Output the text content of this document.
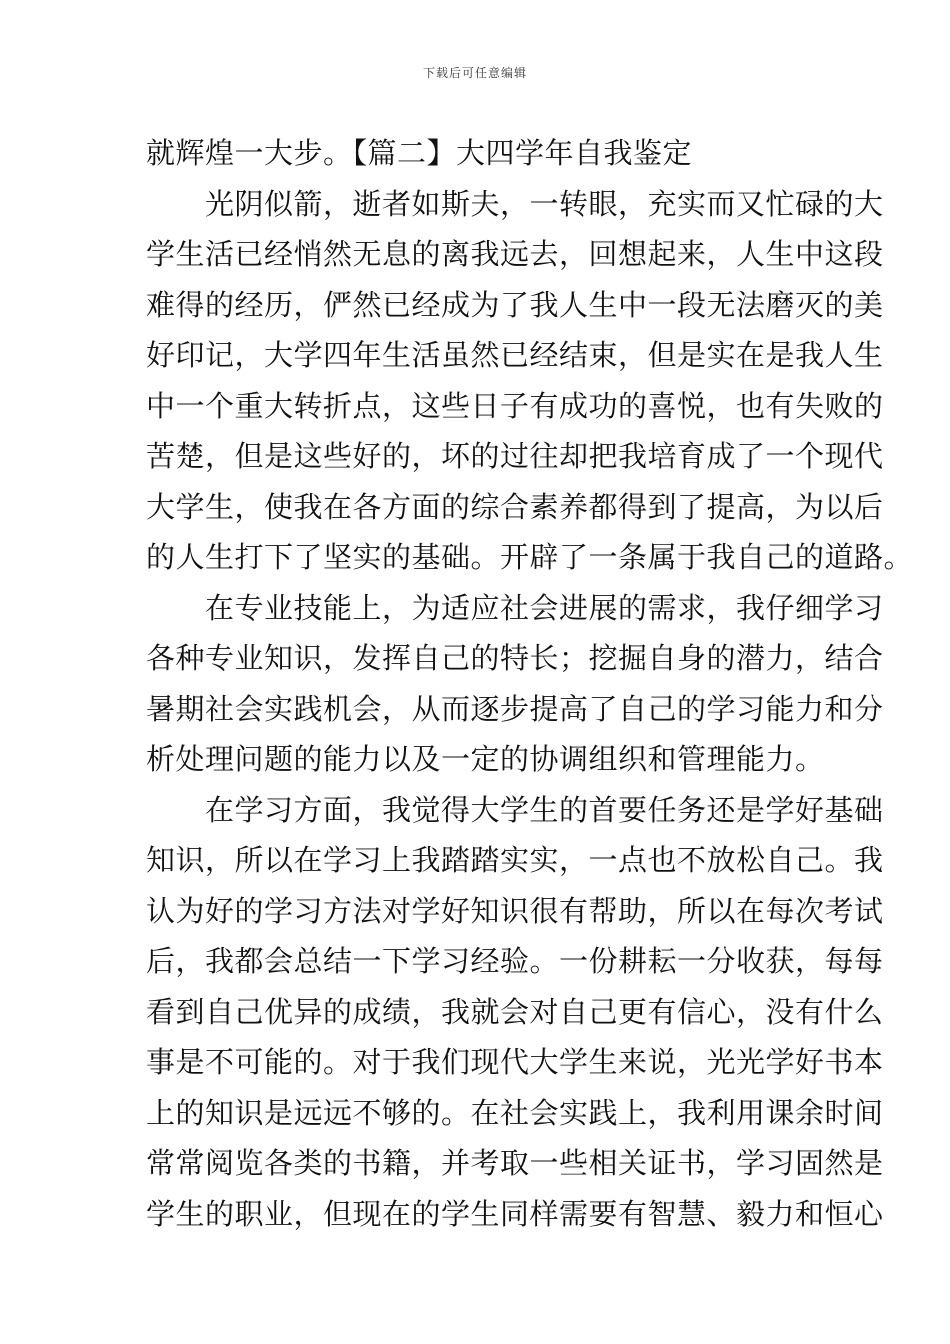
下载后可任意编辑
就辉煌一大步。【篇二】大四学年自我鉴定
　　光阴似箭，逝者如斯夫，一转眼，充实而又忙碌的大
学生活已经悄然无息的离我远去，回想起来，人生中这段
难得的经历，俨然已经成为了我人生中一段无法磨灭的美
好印记，大学四年生活虽然已经结束，但是实在是我人生
中一个重大转折点，这些日子有成功的喜悦，也有失败的
苦楚，但是这些好的，坏的过往却把我培育成了一个现代
大学生，使我在各方面的综合素养都得到了提高，为以后
的人生打下了坚实的基础。开辟了一条属于我自己的道路。
　　在专业技能上，为适应社会进展的需求，我仔细学习
各种专业知识，发挥自己的特长；挖掘自身的潜力，结合
暑期社会实践机会，从而逐步提高了自己的学习能力和分
析处理问题的能力以及一定的协调组织和管理能力。
　　在学习方面，我觉得大学生的首要任务还是学好基础
知识，所以在学习上我踏踏实实，一点也不放松自己。我
认为好的学习方法对学好知识很有帮助，所以在每次考试
后，我都会总结一下学习经验。一份耕耘一分收获，每每
看到自己优异的成绩，我就会对自己更有信心，没有什么
事是不可能的。对于我们现代大学生来说，光光学好书本
上的知识是远远不够的。在社会实践上，我利用课余时间
常常阅览各类的书籍，并考取一些相关证书，学习固然是
学生的职业，但现在的学生同样需要有智慧、毅力和恒心
